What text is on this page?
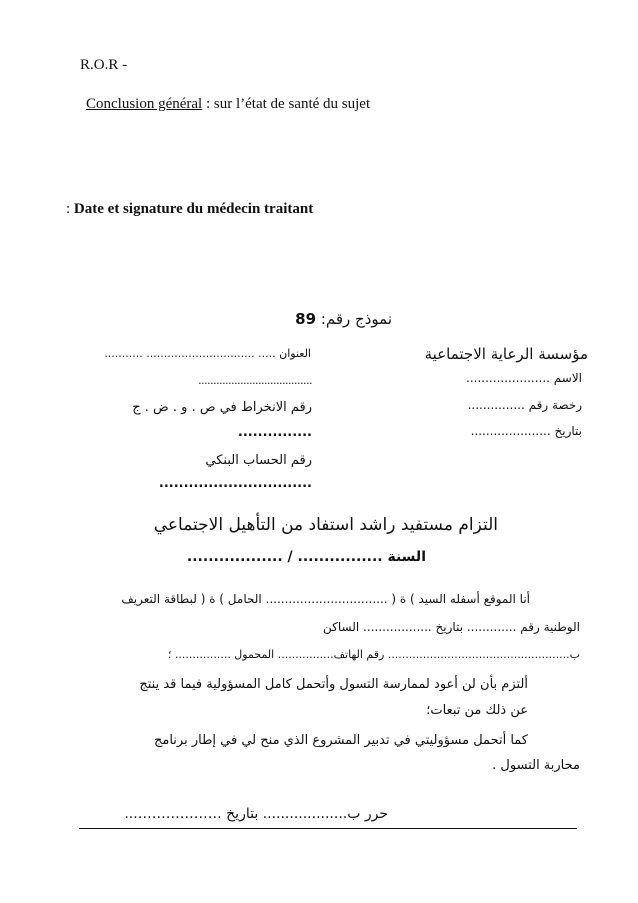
R.O.R -
Conclusion général : sur l’état de santé du sujet
: Date et signature du médecin traitant
نموذج رقم: 89
العنوان ..... ............................... ...........
......................................
رقم الانخراط في ص . و . ض . ج
...............
رقم الحساب البنكي
...............................
مؤسسة الرعاية الاجتماعية
الاسم ......................
رخصة رقم ...............
بتاريخ .....................
التزام مستفيد راشد استفاد من التأهيل الاجتماعي
السنة ................ / ..................
أنا الموقع أسفله السيد ) ة ( ................................ الحامل ) ة ( لبطاقة التعريف
الوطنية رقم ............. بتاريخ .................. الساكن
ب.................................................... رقم الهاتف................ المحمول ................ ؛
ألتزم بأن لن أعود لممارسة التسول وأتحمل كامل المسؤولية فيما قد ينتج
عن ذلك من تبعات؛
كما أتحمل مسؤوليتي في تدبير المشروع الذي منح لي في إطار برنامج
محاربة التسول .
حرر ب................... بتاريخ ………………...
